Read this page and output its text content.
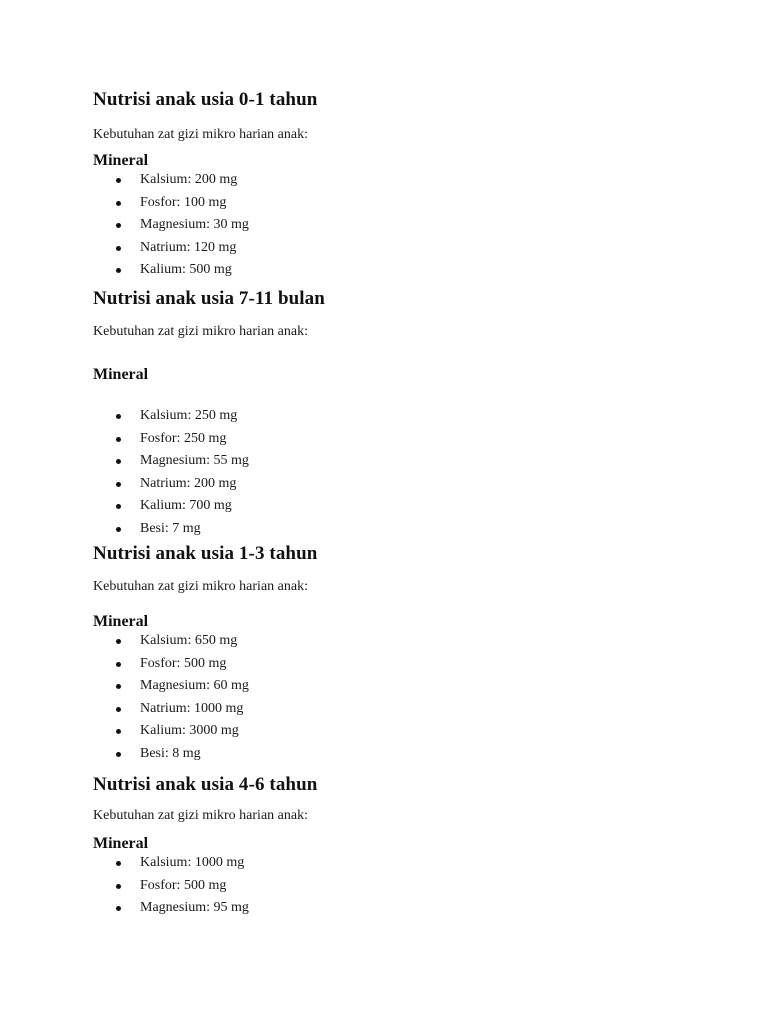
Nutrisi anak usia 0-1 tahun

Kebutuhan zat gizi mikro harian anak:

Mineral
Kalsium: 200 mg
Fosfor: 100 mg
Magnesium: 30 mg
Natrium: 120 mg
Kalium: 500 mg
Nutrisi anak usia 7-11 bulan

Kebutuhan zat gizi mikro harian anak:

Mineral
Kalsium: 250 mg
Fosfor: 250 mg
Magnesium: 55 mg
Natrium: 200 mg
Kalium: 700 mg
Besi: 7 mg
Nutrisi anak usia 1-3 tahun

Kebutuhan zat gizi mikro harian anak:

Mineral
Kalsium: 650 mg
Fosfor: 500 mg
Magnesium: 60 mg
Natrium: 1000 mg
Kalium: 3000 mg
Besi: 8 mg
Nutrisi anak usia 4-6 tahun

Kebutuhan zat gizi mikro harian anak:

Mineral
Kalsium: 1000 mg
Fosfor: 500 mg
Magnesium: 95 mg
